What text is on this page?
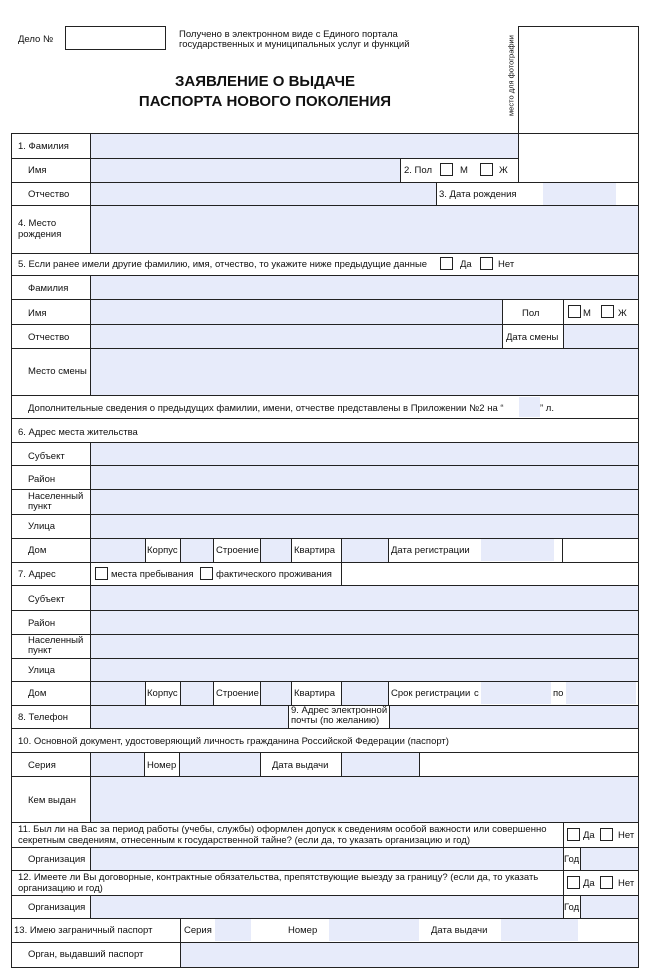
Дело №	Получено в электронном виде с Единого портала
государственных и муниципальных услуг и функций
ЗАЯВЛЕНИЕ О ВЫДАЧЕ
ПАСПОРТА НОВОГО ПОКОЛЕНИЯ	место для фотографии
1. Фамилия
Имя	2. Пол	М	Ж
Отчество	3. Дата рождения
4. Место рождения
5. Если ранее имели другие фамилию, имя, отчество, то укажите ниже предыдущие данные	Да	Нет
Фамилия
Имя	Пол	М	Ж
Отчество	Дата смены
Место смены
Дополнительные сведения о предыдущих фамилии, имени, отчестве представлены в Приложении №2 на “	” л.
6. Адрес места жительства
Субъект
Район
Населенный пункт
Улица
Дом	Корпус	Строение	Квартира	Дата регистрации
7. Адрес	места пребывания фактического проживания
Субъект
Район
Населенный пункт
Улица
Дом	Корпус	Строение	Квартира	Срок регистрации с	по
8. Телефон
9. Адрес электронной почты (по желанию)
10. Основной документ, удостоверяющий личность гражданина Российской Федерации (паспорт)
Серия	Номер	Дата выдачи
Кем выдан
11. Был ли на Вас за период работы (учебы, службы) оформлен допуск к сведениям особой важности или совершенно секретным сведениям, отнесенным к государственной тайне? (если да, то указать организацию и год)	Да Нет
Организация	Год
12. Имеете ли Вы договорные, контрактные обязательства, препятствующие выезду за границу? (если да, то указать организацию и год)	Да Нет
Организация	Год
13. Имею заграничный паспорт	Серия	Номер	Дата выдачи
Орган, выдавший паспорт
